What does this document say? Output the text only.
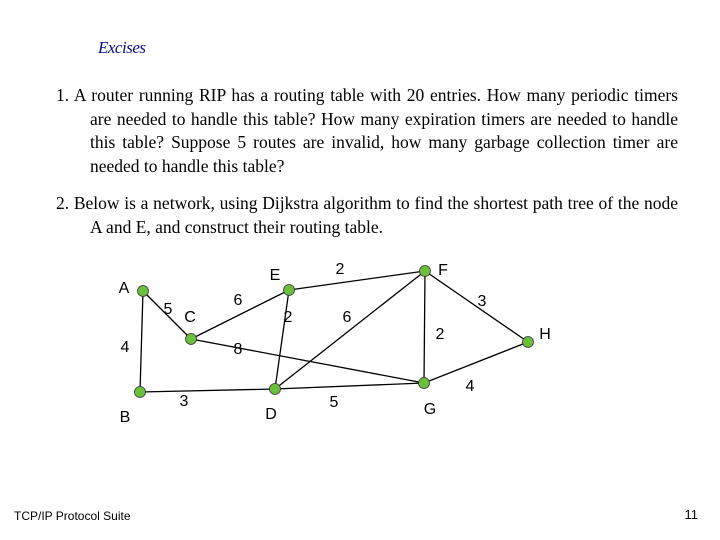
Excises
1. A router running RIP has a routing table with 20 entries. How many periodic timers are needed to handle this table? How many expiration timers are needed to handle this table? Suppose 5 routes are invalid, how many garbage collection timer are needed to handle this table?
2. Below is a network, using Dijkstra algorithm to find the shortest path tree of the node A and E, and construct their routing table.
5
4
6
8
3
2
2	6
5
2
3
4
A
C
E	F
H
B	D	G
TCP/IP Protocol Suite	11
